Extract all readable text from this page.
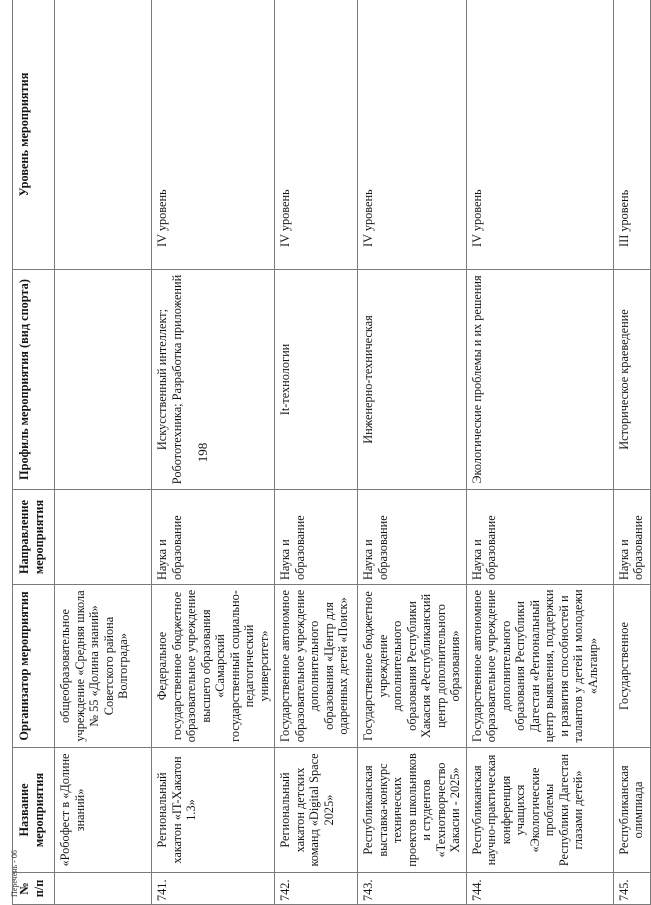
№ п/п	Название мероприятия	Организатор мероприятия	Направление мероприятия	Профиль мероприятия (вид спорта)	Уровень мероприятия
	«Робофест в «Долине знаний»	общеобразовательное учреждение «Средняя школа № 55 «Долина знаний» Советского района Волгограда»			
741.	Региональный хакатон «IT-Хакатон 1.3»	Федеральное государственное бюджетное образовательное учреждение высшего образования «Самарский государственный социально-педагогический университет»	Наука и образование	Искусственный интеллект; Робототехника; Разработка приложений	IV уровень
742.	Региональный хакатон детских команд «Digital Space 2025»	Государственное автономное образовательное учреждение дополнительного образования «Центр для одаренных детей «Поиск»	Наука и образование	It-технологии	IV уровень
743.	Республиканская выставка-конкурс технических проектов школьников и студентов «Технотворчество Хакасии - 2025»	Государственное бюджетное учреждение дополнительного образования Республики Хакасия «Республиканский центр дополнительного образования»	Наука и образование	Инженерно-техническая	IV уровень
744.	Республиканская научно-практическая конференция учащихся «Экологические проблемы Республики Дагестан глазами детей»	Государственное автономное образовательное учреждение дополнительного образования Республики Дагестан «Региональный центр выявления, поддержки и развития способностей и талантов у детей и молодежи «Альтаир»	Наука и образование	Экологические проблемы и их решения	IV уровень
745.	Республиканская олимпиада	Государственное	Наука и образование	Историческое краеведение	III уровень
198
Перечень - 06
